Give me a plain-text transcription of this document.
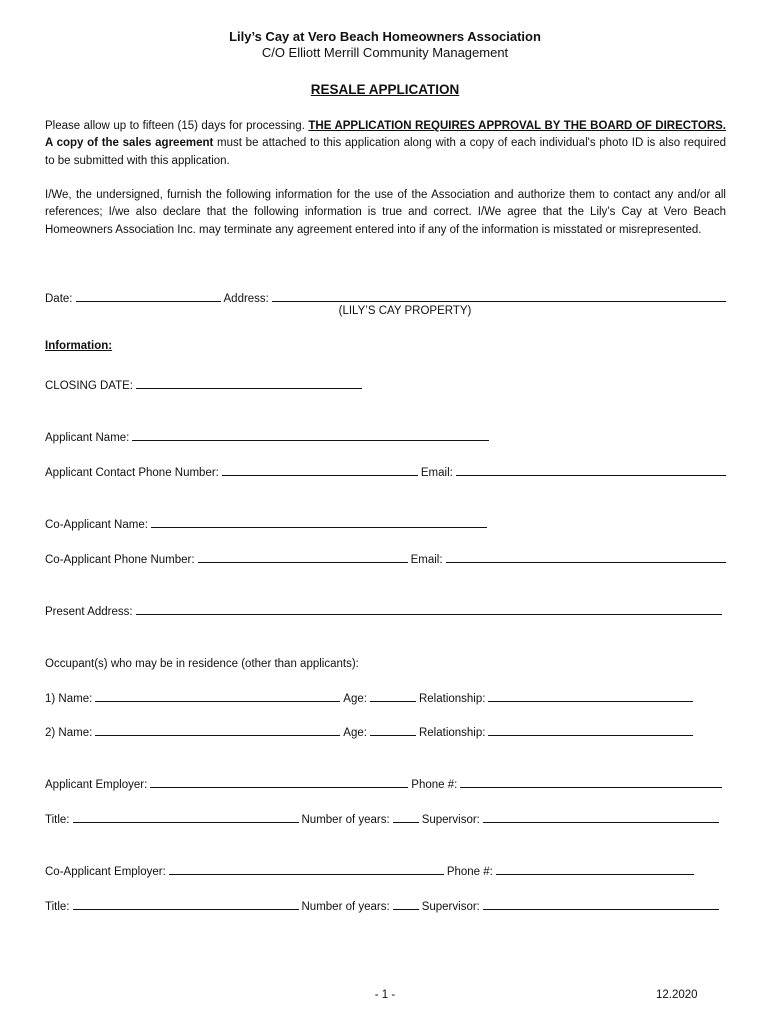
Lily’s Cay at Vero Beach Homeowners Association
C/O Elliott Merrill Community Management
RESALE APPLICATION
Please allow up to fifteen (15) days for processing. THE APPLICATION REQUIRES APPROVAL BY THE BOARD OF DIRECTORS. A copy of the sales agreement must be attached to this application along with a copy of each individual's photo ID is also required to be submitted with this application.
I/We, the undersigned, furnish the following information for the use of the Association and authorize them to contact any and/or all references; I/we also declare that the following information is true and correct. I/We agree that the Lily’s Cay at Vero Beach Homeowners Association Inc. may terminate any agreement entered into if any of the information is misstated or misrepresented.
Date:	Address:
(LILY’S CAY PROPERTY)
Information:
CLOSING DATE:
Applicant Name:
Applicant Contact Phone Number:	Email:
Co-Applicant Name:
Co-Applicant Phone Number:	Email:
Present Address:
Occupant(s) who may be in residence (other than applicants):
1) Name:	Age:	Relationship:
2) Name:	Age:	Relationship:
Applicant Employer:	Phone #:
Title:	Number of years:	Supervisor:
Co-Applicant Employer:	Phone #:
Title:	Number of years:	Supervisor:
- 1 -	12.2020
